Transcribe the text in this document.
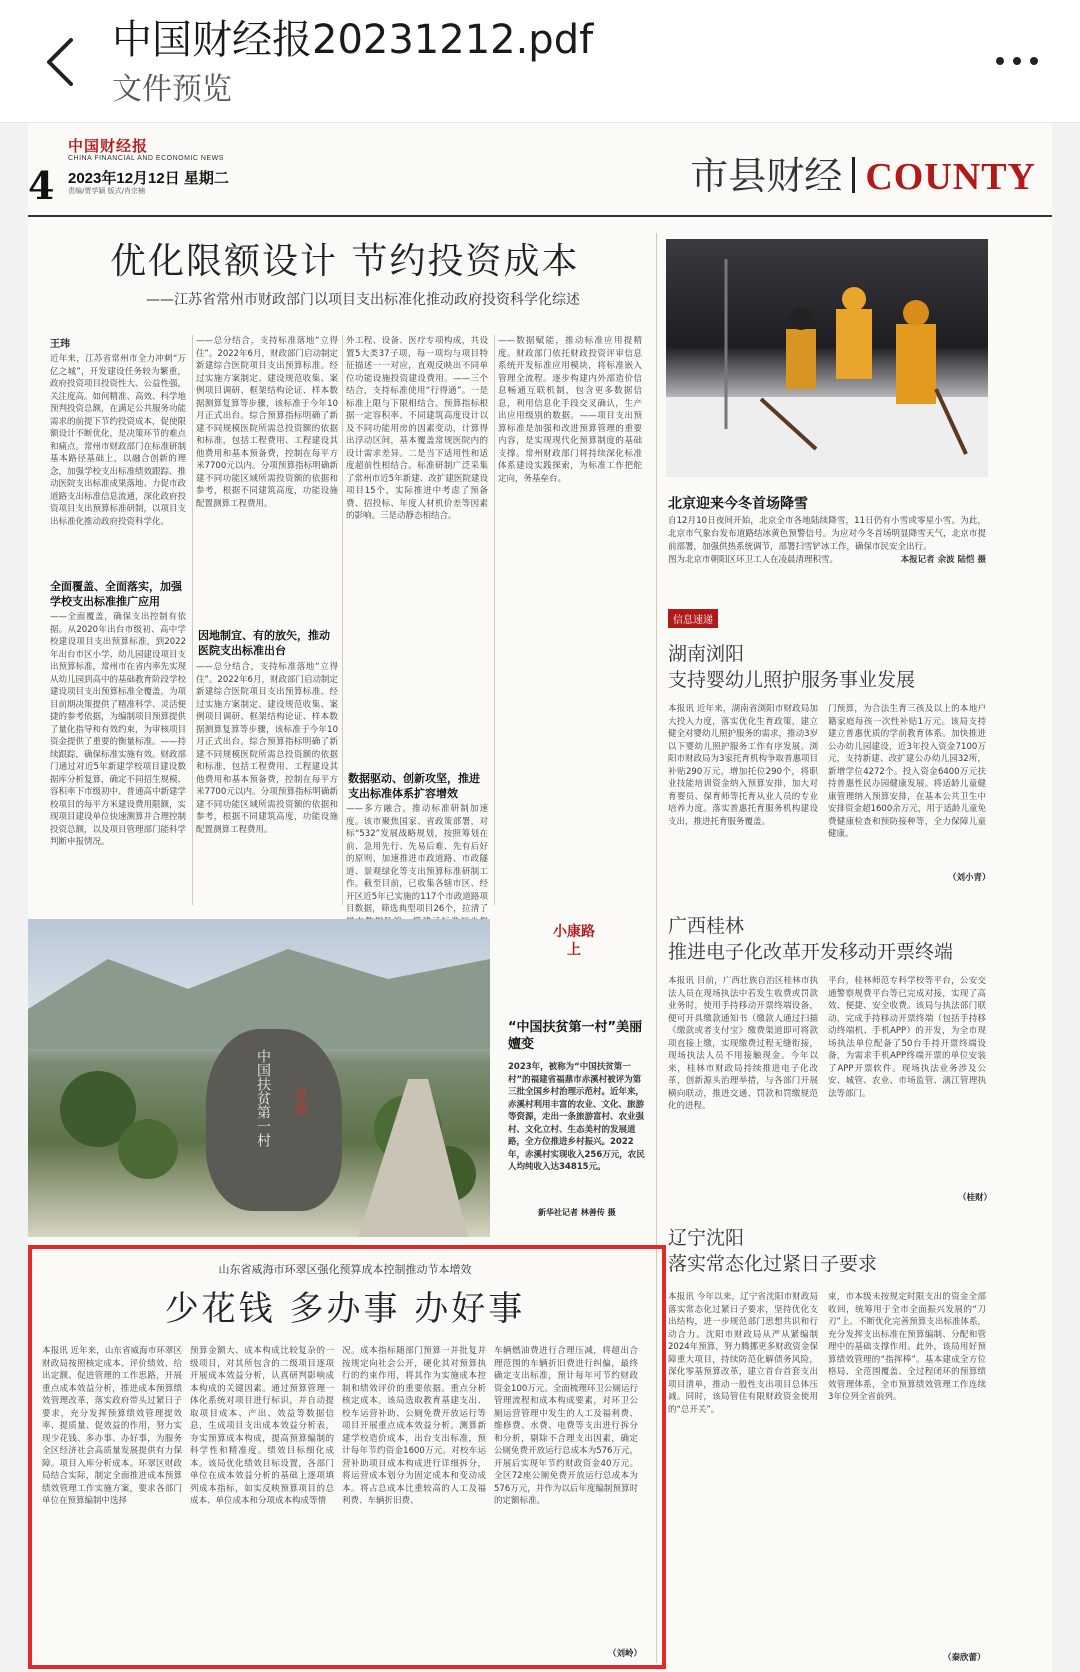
中国财经报20231212.pdf
文件预览
4
中国财经报
CHINA FINANCIAL AND ECONOMIC NEWS
2023年12月12日 星期二
责编/贾学颖 版式/肖宗楠	市县财经 COUNTY
优化限额设计 节约投资成本
——江苏省常州市财政部门以项目支出标准化推动政府投资科学化综述
王玮
近年来，江苏省常州市全力冲刺“万亿之城”，开发建设任务较为繁重，政府投资项目投资性大、公益性强，关注度高。如何精准、高效、科学地预判投资总额，在满足公共服务功能需求的前提下节约投资成本，促使限额设计不断优化，是决策环节的难点和痛点。常州市财政部门在标准研制基本路径基础上，以融合创新的理念，加强学校支出标准绩效跟踪、推动医院支出标准成果落地、力促市政道路支出标准信息流通，深化政府投资项目支出预算标准研制，以项目支出标准化推动政府投资科学化。
全面覆盖、全面落实，加强学校支出标准推广应用
——全面覆盖，确保支出控制有依据。从2020年出台市级初、高中学校建设项目支出预算标准，到2022年出台市区小学、幼儿园建设项目支出预算标准，常州市在省内率先实现从幼儿园到高中的基础教育阶段学校建设项目支出预算标准全覆盖，为项目前期决策提供了精准科学、灵活便捷的参考依据，为编制项目预算提供了量化指导和有效约束，为审核项目资金提供了重要的衡量标准。——持续跟踪，确保标准实施有效。财政部门通过对近5年新建学校项目建设数据库分析复算，确定不同招生规模、容积率下市级初中、普通高中新建学校项目的每平方米建设费用限额，实现项目建设单位快速测算并合理控制投资总额，以及项目管理部门能科学判断申报情况。
——总分结合，支持标准落地“立得住”。2022年6月，财政部门启动制定新建综合医院项目支出预算标准。经过实施方案制定、建设规范收集、案例项目调研、框架结构论证、样本数据测算复算等步骤，该标准于今年10月正式出台。综合预算指标明确了新建不同规模医院所需总投资额的依据和标准，包括工程费用、工程建设其他费用和基本预备费，控制在每平方米7700元以内。分项预算指标明确新建不同功能区域所需投资额的依据和参考，根据不同建筑高度，功能设施配置测算工程费用。
因地制宜、有的放矢，推动医院支出标准出台
——总分结合，支持标准落地“立得住”。2022年6月，财政部门启动制定新建综合医院项目支出预算标准。经过实施方案制定、建设规范收集、案例项目调研、框架结构论证、样本数据测算复算等步骤，该标准于今年10月正式出台。综合预算指标明确了新建不同规模医院所需总投资额的依据和标准，包括工程费用、工程建设其他费用和基本预备费，控制在每平方米7700元以内。分项预算指标明确新建不同功能区域所需投资额的依据和参考，根据不同建筑高度，功能设施配置测算工程费用。
外工程、设备、医疗专项构成，共设置5大类37子项，每一项均与项目特征描述一一对应，直观反映出不同单位功能设施投资建设费用。——三个结合，支持标准使用“行得通”。一是标准上限与下限相结合。预算指标根据一定容积率、不同建筑高度设计以及不同功能用房的因素变动，计算得出浮动区间，基本覆盖常规医院内的设计需求差异。二是当下适用性和适度超前性相结合。标准研制广泛采集了常州市近5年新建、改扩建医院建设项目15个，实际推进中考虑了预备费、招投标、年度人材机价差等因素的影响。三是动静态相结合。
数据驱动、创新攻坚，推进支出标准体系扩容增效
——多方融合，推动标准研制加速度。该市聚焦国家、省政策部署，对标“532”发展战略规划，按照筹划在前、急用先行、先易后难、先有后好的原则，加速推进市政道路、市政隧道、景观绿化等支出预算标准研制工作。截至目前，已收集各辖市区、经开区近5年已实施的117个市政道路项目数据，筛选典型项目26个，拉清了
——数据赋能，推动标准应用提精度。财政部门依托财政投资评审信息系统开发标准应用模块，将标准嵌入管理全流程。逐步构建内外部造价信息畅通互联机制，包含更多数据信息，利用信息化手段交叉确认，生产出应用级别的数据。——项目支出预算标准是加强和改进预算管理的重要内容，是实现现代化预算制度的基础支撑。常州财政部门将持续深化标准体系建设实践探索，为标准工作把舵定向，务基垒台。
北京迎来今冬首场降雪
自12月10日夜间开始，北京全市各地陆续降雪，11日仍有小雪或零星小雪。为此，北京市气象台发布道路结冰黄色预警信号。为应对今冬首场明显降雪天气，北京市提前部署，加强供热系统调节，部署扫雪铲冰工作，确保市民安全出行。
图为北京市朝阳区环卫工人在凌晨清理积雪。	本报记者 余波 陆恺 摄
信息速递
湖南浏阳
支持婴幼儿照护服务事业发展
本报讯 近年来，湖南省浏阳市财政局加大投入力度，落实优化生育政策，建立健全对婴幼儿照护服务的需求，推动3岁以下婴幼儿照护服务工作有序发展。浏阳市财政局为3家托育机构争取普惠项目补贴290万元，增加托位290个，将职业技能培训资金纳入预算安排，加大对育婴员、保育师等托育从业人员的专业培养力度。落实普惠托育服务机构建设支出，推进托育服务覆盖。
门预算，为合法生育三孩及以上的本地户籍家庭每孩一次性补贴1万元。该局支持建立普惠优质的学前教育体系。加快推进公办幼儿园建设，近3年投入资金7100万元，支持新建、改扩建公办幼儿园32所，新增学位4272个。投入资金6400万元扶持普惠性民办园健康发展。将适龄儿童健康管理纳入预算安排，在基本公共卫生中安排资金超1600余万元，用于适龄儿童免费健康检查和预防接种等，全力保障儿童健康。
（刘小青）
广西桂林
推进电子化改革开发移动开票终端
本报讯 目前，广西壮族自治区桂林市执法人员在现场执法中若发生收费或罚款业务时，使用手持移动开票终端设备，便可开具缴款通知书（缴款人通过扫描《缴款或者支付宝》缴费渠道即可将款项直接上缴，实现缴费过程无缝衔接，现场执法人员不用接触现金。今年以来，桂林市财政局持续推进电子化改革，创新源头治理举措，与各部门开展横向联动，推进交通、罚款和罚缴规范化的进程。
平台，桂林师范专科学校等平台，公安交通警察规费平台等已完成对接，实现了高效、便捷、安全收费。该局与执法部门联动，完成手持移动开票终端（包括手持移动终端机、手机APP）的开发，为全市现场执法单位配备了50台手持开票终端设备，为需求手机APP终端开票的单位安装了APP开票软件。现场执法业务涉及公安、城管、农业、市场监管、漓江管理执法等部门。
（桂财）
辽宁沈阳
落实常态化过紧日子要求
本报讯 今年以来，辽宁省沈阳市财政局落实常态化过紧日子要求，坚持优化支出结构，进一步规范部门思想共识和行动合力。沈阳市财政局从严从紧编制2024年预算，努力腾挪更多财政资金保障重大项目，持续防范化解债务风险，深化零基预算改革，建立首台首套支出项目清单，推动一般性支出项目总体压减。同时，该局管住有限财政资金使用的“总开关”。
束，市本级未按规定时限支出的资金全部收回，统筹用于全市全面振兴发展的“刀刃”上。不断优化完善预算支出标准体系，充分发挥支出标准在预算编制、分配和管理中的基础支撑作用。此外，该局用好预算绩效管理的“指挥棒”。基本建成全方位格局、全范围覆盖、全过程闭环的预算绩效管理体系，全市预算绩效管理工作连续3年位列全省前列。
（秦欣蕾）
中国扶贫第一村 赤溪
小康路上
“中国扶贫第一村”美丽嬗变
2023年，被称为“中国扶贫第一村”的福建省福鼎市赤溪村被评为第三批全国乡村治理示范村。近年来，赤溪村利用丰富的农业、文化、旅游等资源，走出一条旅游富村、农业强村、文化立村、生态美村的发展道路，全方位推进乡村振兴。2022年，赤溪村实现收入256万元，农民人均纯收入达34815元。
新华社记者 林善传 摄
山东省威海市环翠区强化预算成本控制推动节本增效
少花钱 多办事 办好事
本报讯 近年来，山东省威海市环翠区财政局按照核定成本、评价绩效、给出定额、促进管理的工作思路，开展重点成本效益分析，推进成本预算绩效管理改革，落实政府带头过紧日子要求，充分发挥预算绩效管理提效率、提质量、促效益的作用，努力实现少花钱、多办事、办好事，为服务全区经济社会高质量发展提供有力保障。项目入库分析成本。环翠区财政局结合实际，制定全面推进成本预算绩效管理工作实施方案，要求各部门单位在预算编制中选择
预算金额大、成本构成比较复杂的一级项目，对其所包含的二级项目逐项开展成本效益分析，认真研判影响成本构成的关键因素。通过预算管理一体化系统对项目进行标识，并自动提取项目成本、产出、效益等数据信息，生成项目支出成本效益分析表，夯实预算成本构成，提高预算编制的科学性和精准度。绩效目标细化成本。该局优化绩效目标设置，各部门单位在成本效益分析的基础上逐项填列成本指标，如实反映预算项目的总成本、单位成本和分项成本构成等情
况。成本指标随部门预算一并批复并按规定向社会公开，硬化其对预算执行的约束作用，将其作为实施成本控制和绩效评价的重要依据。重点分析核定成本。该局选取教育基建支出、校车运营补助、公厕免费开放运行等项目开展重点成本效益分析。测算新建学校造价成本，出台支出标准，预计每年节约资金1600万元。对校车运营补助项目成本构成进行详细拆分，将运营成本划分为固定成本和变动成本。将占总成本比重较高的人工及福利费、车辆折旧费、
车辆燃油费进行合理压减，将超出合理范围的车辆折旧费进行纠偏，最终确定支出标准，预计每年可节约财政资金100万元。全面梳理环卫公厕运行管理流程和成本构成要素，对环卫公厕运营管理中发生的人工及福利费、维修费、水费、电费等支出进行拆分和分析，剔除不合理支出因素，确定公厕免费开放运行总成本为576万元，开展后实现年节约财政资金40万元。全区72座公厕免费开放运行总成本为576万元，并作为以后年度编制预算时的定额标准。
（刘岭）
